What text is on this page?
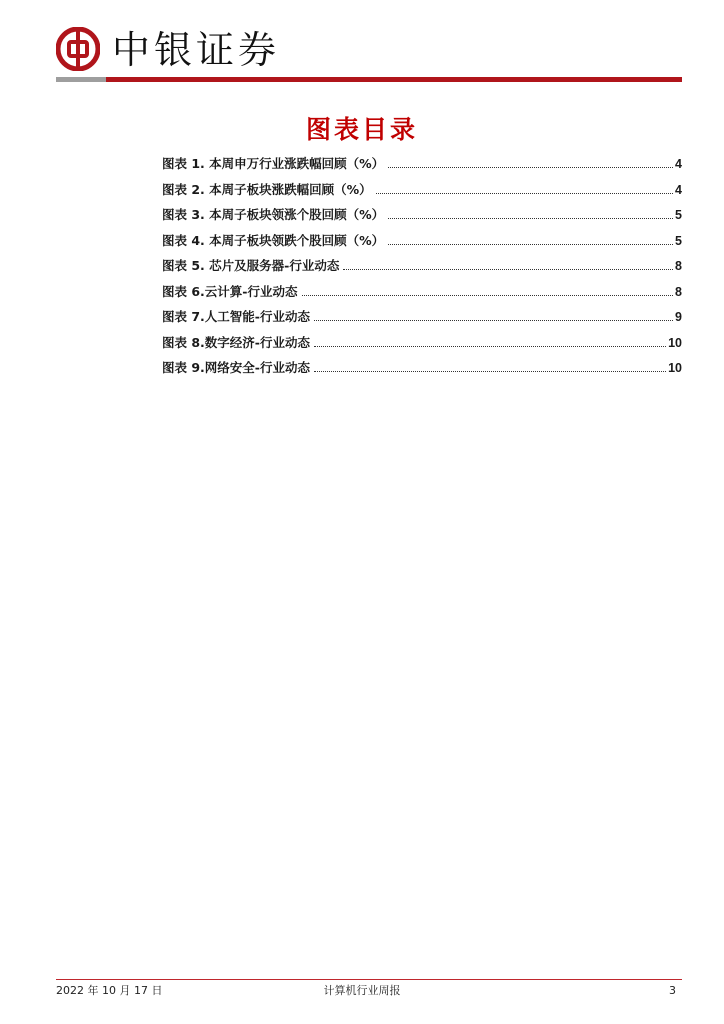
中银证券
图表目录
图表 1. 本周申万行业涨跌幅回顾（%）	4
图表 2. 本周子板块涨跌幅回顾（%）	4
图表 3. 本周子板块领涨个股回顾（%）	5
图表 4. 本周子板块领跌个股回顾（%）	5
图表 5. 芯片及服务器-行业动态	8
图表 6.云计算-行业动态	8
图表 7.人工智能-行业动态	9
图表 8.数字经济-行业动态	10
图表 9.网络安全-行业动态	10
2022 年 10 月 17 日	计算机行业周报	3
